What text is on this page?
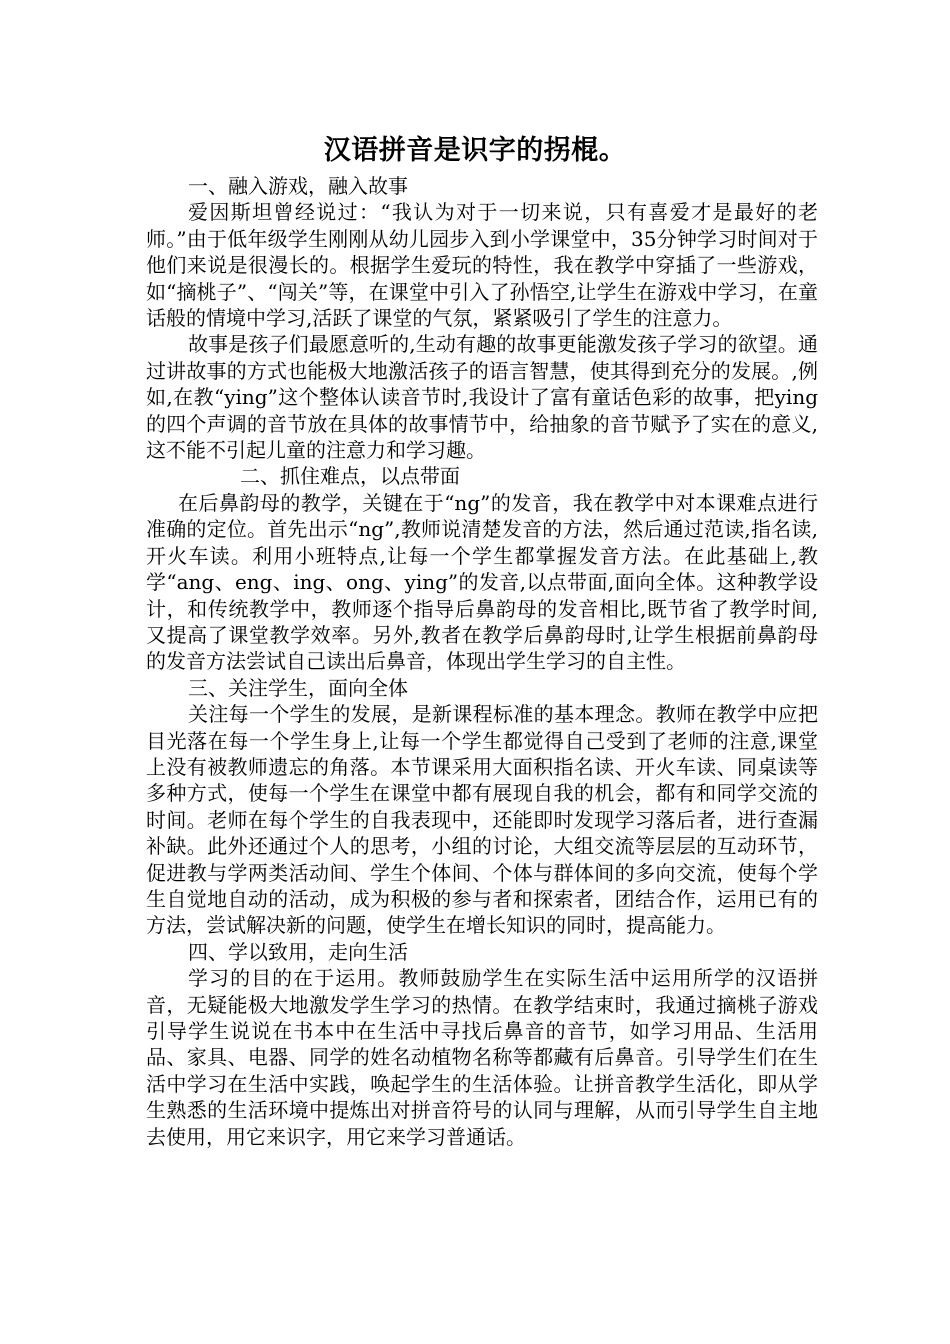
汉语拼音是识字的拐棍。

一、融入游戏，融入故事

爱因斯坦曾经说过：“我认为对于一切来说，只有喜爱才是最好的老师。”由于低年级学生刚刚从幼儿园步入到小学课堂中，35分钟学习时间对于他们来说是很漫长的。根据学生爱玩的特性，我在教学中穿插了一些游戏，如“摘桃子”、“闯关”等，在课堂中引入了孙悟空,让学生在游戏中学习，在童话般的情境中学习,活跃了课堂的气氛，紧紧吸引了学生的注意力。

故事是孩子们最愿意听的,生动有趣的故事更能激发孩子学习的欲望。通过讲故事的方式也能极大地激活孩子的语言智慧，使其得到充分的发展。,例如,在教“ying”这个整体认读音节时,我设计了富有童话色彩的故事，把ying的四个声调的音节放在具体的故事情节中，给抽象的音节赋予了实在的意义,这不能不引起儿童的注意力和学习趣。

二、抓住难点，以点带面

在后鼻韵母的教学，关键在于“ng”的发音，我在教学中对本课难点进行准确的定位。首先出示“ng”,教师说清楚发音的方法，然后通过范读,指名读,开火车读。利用小班特点,让每一个学生都掌握发音方法。在此基础上,教学“ang、eng、ing、ong、ying”的发音,以点带面,面向全体。这种教学设计，和传统教学中，教师逐个指导后鼻韵母的发音相比,既节省了教学时间,又提高了课堂教学效率。另外,教者在教学后鼻韵母时,让学生根据前鼻韵母的发音方法尝试自己读出后鼻音，体现出学生学习的自主性。

三、关注学生，面向全体

关注每一个学生的发展，是新课程标准的基本理念。教师在教学中应把目光落在每一个学生身上,让每一个学生都觉得自己受到了老师的注意,课堂上没有被教师遗忘的角落。本节课采用大面积指名读、开火车读、同桌读等多种方式，使每一个学生在课堂中都有展现自我的机会，都有和同学交流的时间。老师在每个学生的自我表现中，还能即时发现学习落后者，进行查漏补缺。此外还通过个人的思考，小组的讨论，大组交流等层层的互动环节，促进教与学两类活动间、学生个体间、个体与群体间的多向交流，使每个学生自觉地自动的活动，成为积极的参与者和探索者，团结合作，运用已有的方法，尝试解决新的问题，使学生在增长知识的同时，提高能力。

四、学以致用，走向生活

学习的目的在于运用。教师鼓励学生在实际生活中运用所学的汉语拼音，无疑能极大地激发学生学习的热情。在教学结束时，我通过摘桃子游戏引导学生说说在书本中在生活中寻找后鼻音的音节，如学习用品、生活用品、家具、电器、同学的姓名动植物名称等都藏有后鼻音。引导学生们在生活中学习在生活中实践，唤起学生的生活体验。让拼音教学生活化，即从学生熟悉的生活环境中提炼出对拼音符号的认同与理解，从而引导学生自主地去使用，用它来识字，用它来学习普通话。
